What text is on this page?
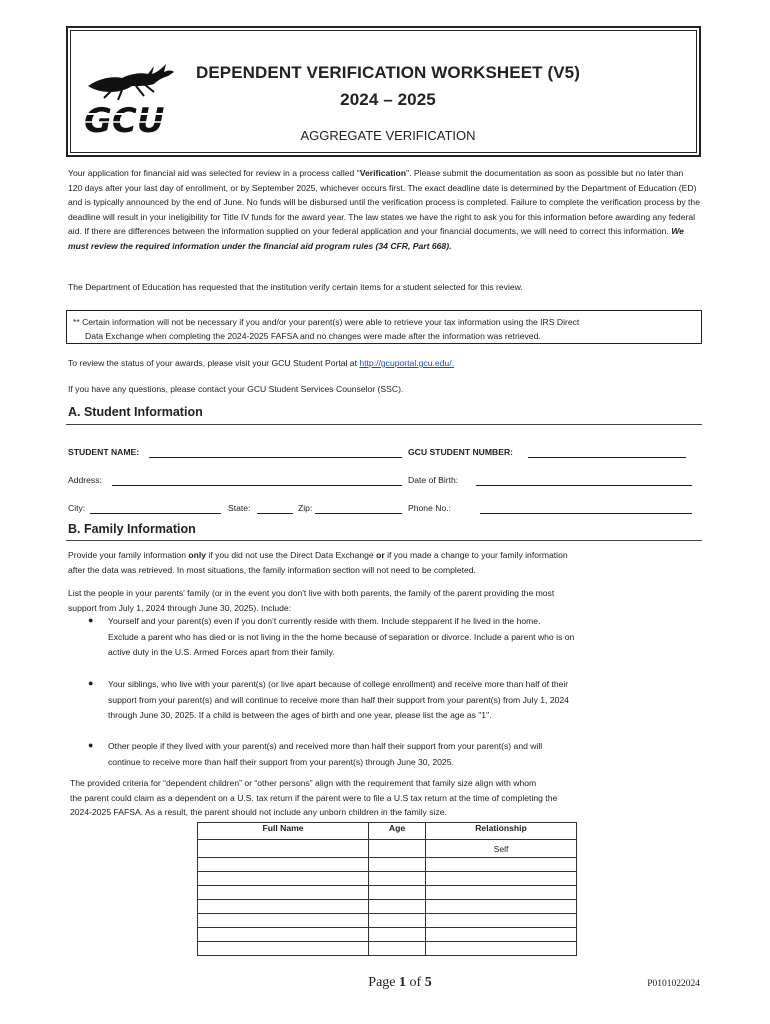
GCU
DEPENDENT VERIFICATION WORKSHEET (V5)
2024 – 2025
AGGREGATE VERIFICATION
Your application for financial aid was selected for review in a process called "Verification". Please submit the documentation as soon as possible but no later than 120 days after your last day of enrollment, or by September 2025, whichever occurs first. The exact deadline date is determined by the Department of Education (ED) and is typically announced by the end of June. No funds will be disbursed until the verification process is completed. Failure to complete the verification process by the deadline will result in your ineligibility for Title IV funds for the award year. The law states we have the right to ask you for this information before awarding any federal aid. If there are differences between the information supplied on your federal application and your financial documents, we will need to correct this information. We must review the required information under the financial aid program rules (34 CFR, Part 668).
The Department of Education has requested that the institution verify certain items for a student selected for this review.
** Certain information will not be necessary if you and/or your parent(s) were able to retrieve your tax information using the IRS Direct
Data Exchange when completing the 2024-2025 FAFSA and no changes were made after the information was retrieved.
To review the status of your awards, please visit your GCU Student Portal at http://gcuportal.gcu.edu/.
If you have any questions, please contact your GCU Student Services Counselor (SSC).
A. Student Information
STUDENT NAME:	GCU STUDENT NUMBER:
Address:	Date of Birth:
City:	State:	Zip:	Phone No.:
B. Family Information
Provide your family information only if you did not use the Direct Data Exchange or if you made a change to your family information
after the data was retrieved. In most situations, the family information section will not need to be completed.
List the people in your parents' family (or in the event you don't live with both parents, the family of the parent providing the most
support from July 1, 2024 through June 30, 2025). Include:
● Yourself and your parent(s) even if you don’t currently reside with them. Include stepparent if he lived in the home.
Exclude a parent who has died or is not living in the the home because of separation or divorce. Include a parent who is on
active duty in the U.S. Armed Forces apart from their family.
● Your siblings, who live with your parent(s) (or live apart because of college enrollment) and receive more than half of their
support from your parent(s) and will continue to receive more than half their support from your parent(s) from July 1, 2024
through June 30, 2025. If a child is between the ages of birth and one year, please list the age as "1".
● Other people if they lived with your parent(s) and received more than half their support from your parent(s) and will
continue to receive more than half their support from your parent(s) through June 30, 2025.
The provided criteria for “dependent children” or “other persons” align with the requirement that family size align with whom
the parent could claim as a dependent on a U.S. tax return if the parent were to file a U.S tax return at the time of completing the
2024-2025 FAFSA. As a result, the parent should not include any unborn children in the family size.
Full Name	Age	Relationship
		Self

Page 1 of 5	P0101022024
